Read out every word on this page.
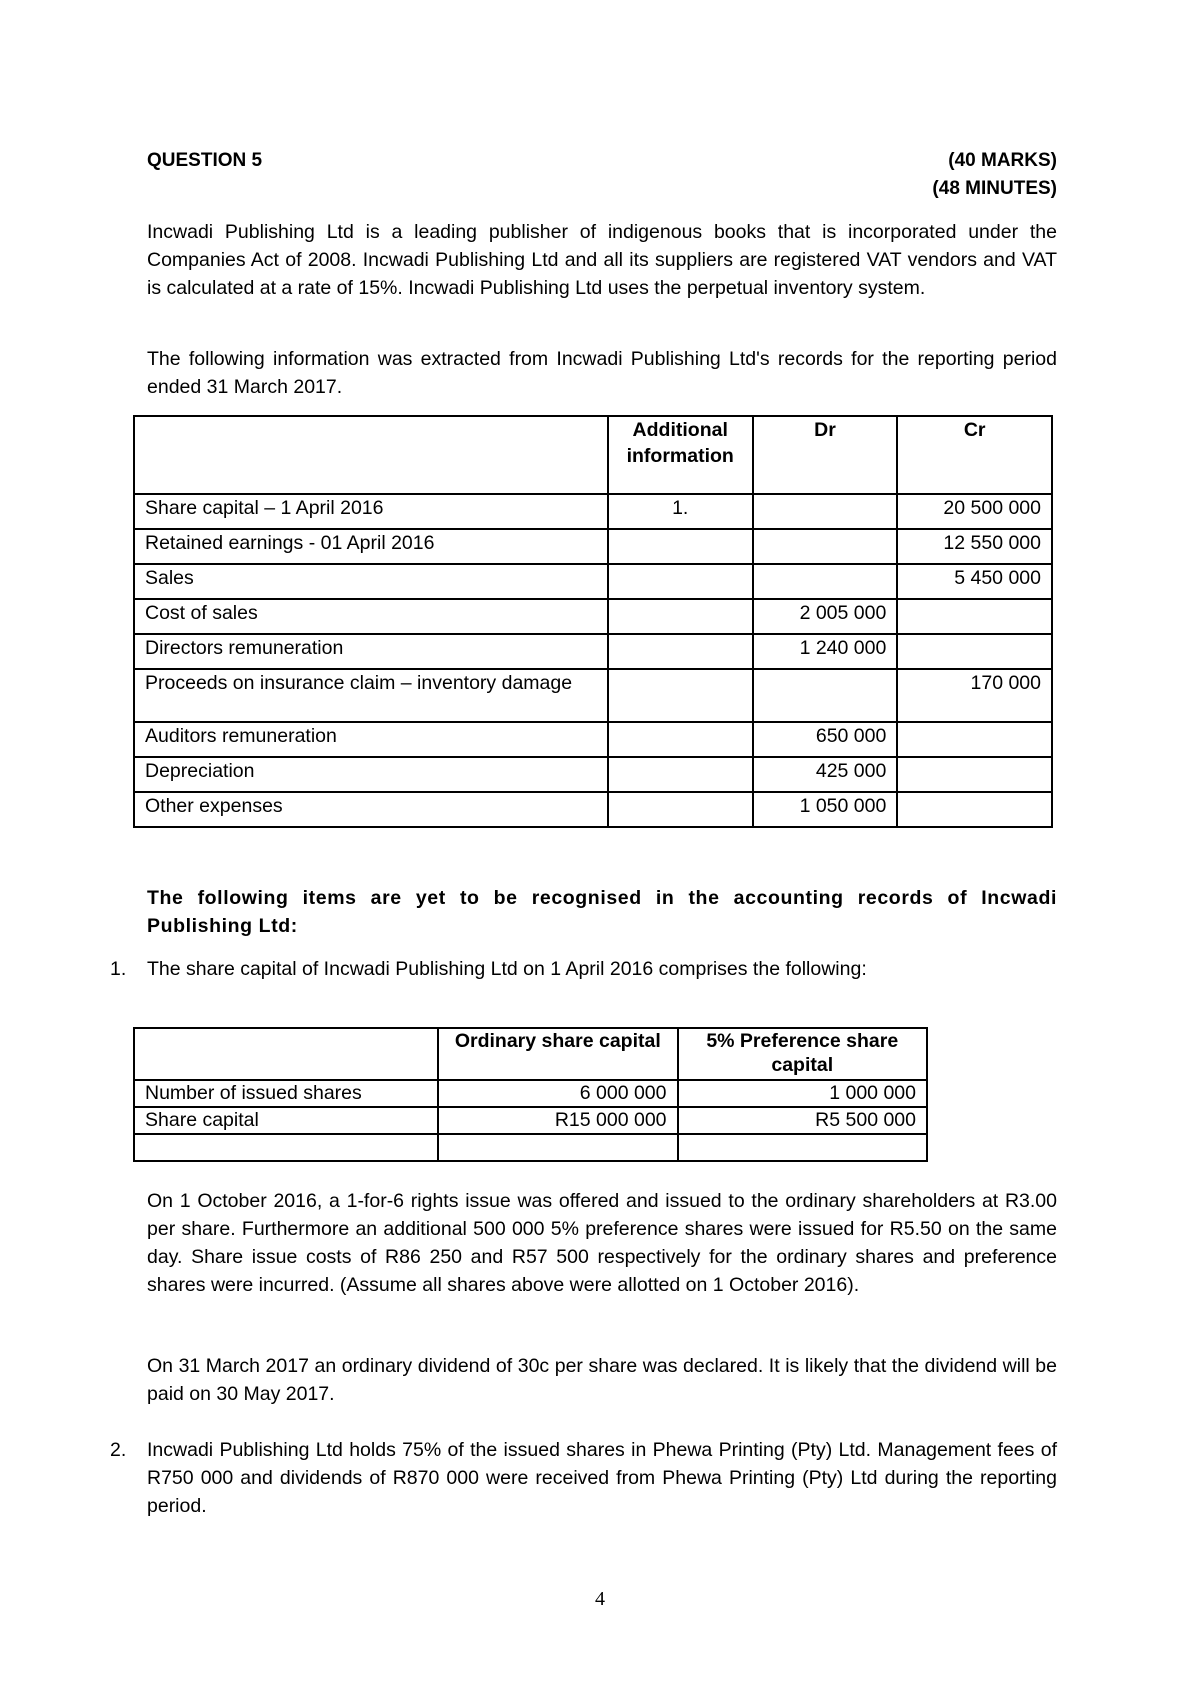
QUESTION 5	(40 MARKS)
(48 MINUTES)
Incwadi Publishing Ltd is a leading publisher of indigenous books that is incorporated under the Companies Act of 2008. Incwadi Publishing Ltd and all its suppliers are registered VAT vendors and VAT is calculated at a rate of 15%. Incwadi Publishing Ltd uses the perpetual inventory system.
The following information was extracted from Incwadi Publishing Ltd's records for the reporting period ended 31 March 2017.
	Additional information	Dr	Cr
Share capital – 1 April 2016	1.		20 500 000
Retained earnings - 01 April 2016			12 550 000
Sales			5 450 000
Cost of sales		2 005 000	
Directors remuneration		1 240 000	
Proceeds on insurance claim – inventory damage			170 000
Auditors remuneration		650 000	
Depreciation		425 000	
Other expenses		1 050 000	
The following items are yet to be recognised in the accounting records of Incwadi Publishing Ltd:
1. The share capital of Incwadi Publishing Ltd on 1 April 2016 comprises the following:
	Ordinary share capital	5% Preference share capital
Number of issued shares	6 000 000	1 000 000
Share capital	R15 000 000	R5 500 000

On 1 October 2016, a 1-for-6 rights issue was offered and issued to the ordinary shareholders at R3.00 per share. Furthermore an additional 500 000 5% preference shares were issued for R5.50 on the same day. Share issue costs of R86 250 and R57 500 respectively for the ordinary shares and preference shares were incurred. (Assume all shares above were allotted on 1 October 2016).
On 31 March 2017 an ordinary dividend of 30c per share was declared. It is likely that the dividend will be paid on 30 May 2017.
2. Incwadi Publishing Ltd holds 75% of the issued shares in Phewa Printing (Pty) Ltd. Management fees of R750 000 and dividends of R870 000 were received from Phewa Printing (Pty) Ltd during the reporting period.
4
